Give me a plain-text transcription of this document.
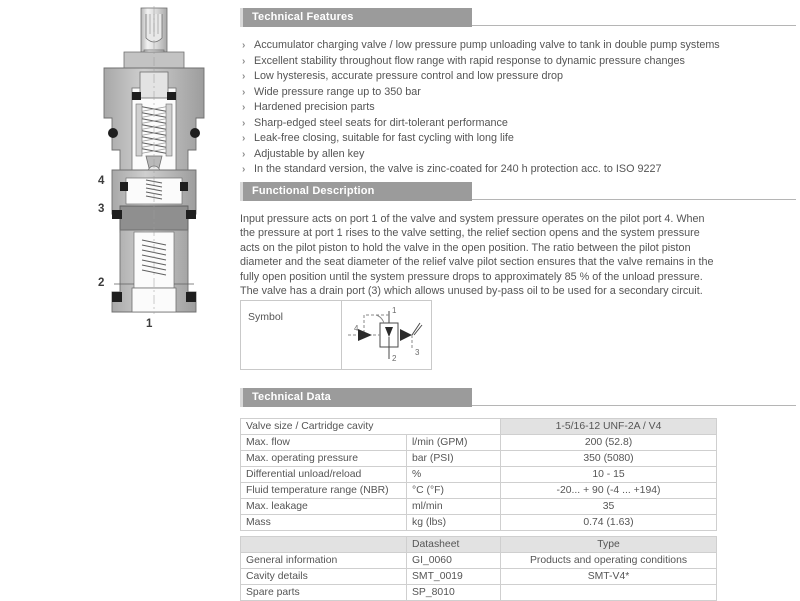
4
3
2
1
Technical Features
› Accumulator charging valve / low pressure pump unloading valve to tank in double pump systems
› Excellent stability throughout flow range with rapid response to dynamic pressure changes
› Low hysteresis, accurate pressure control and low pressure drop
› Wide pressure range up to 350 bar
› Hardened precision parts
› Sharp-edged steel seats for dirt-tolerant performance
› Leak-free closing, suitable for fast cycling with long life
› Adjustable by allen key
› In the standard version, the valve is zinc-coated for 240 h protection acc. to ISO 9227
Functional Description
Input pressure acts on port 1 of the valve and system pressure operates on the pilot port 4. When the pressure at port 1 rises to the valve setting, the relief section opens and the system pressure acts on the pilot piston to hold the valve in the open position. The ratio between the pilot piston diameter and the seat diameter of the relief valve pilot section ensures that the valve remains in the fully open position until the system pressure drops to approximately 85 % of the unload pressure. The valve has a drain port (3) which allows unused by-pass oil to be used for a secondary circuit.
Symbol
1
2
3
4
Technical Data
Valve size / Cartridge cavity		1-5/16-12 UNF-2A / V4
Max. flow	l/min (GPM)	200 (52.8)
Max. operating pressure	bar (PSI)	350 (5080)
Differential unload/reload	%	10 - 15
Fluid temperature range (NBR)	°C (°F)	-20... + 90 (-4 ... +194)
Max. leakage	ml/min	35
Mass	kg (lbs)	0.74 (1.63)
	Datasheet	Type
General information	GI_0060	Products and operating conditions
Cavity details	SMT_0019	SMT-V4*
Spare parts	SP_8010	
